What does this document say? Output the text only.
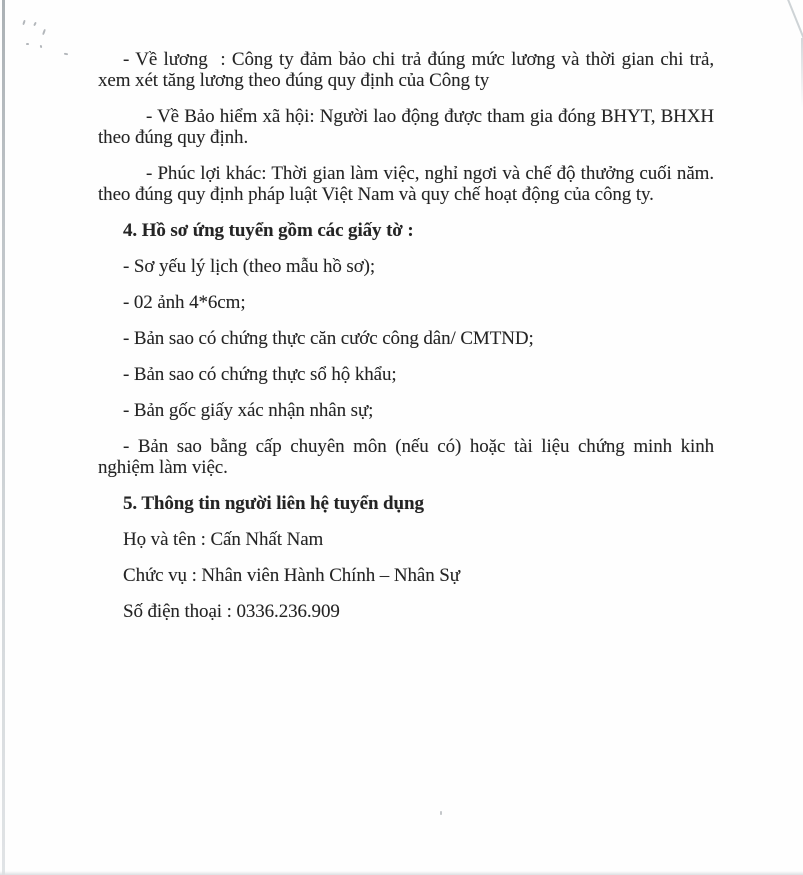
- Về lương  : Công ty đảm bảo chi trả đúng mức lương và thời gian chi trả, xem xét tăng lương theo đúng quy định của Công ty

- Về Bảo hiểm xã hội: Người lao động được tham gia đóng BHYT, BHXH theo đúng quy định.

- Phúc lợi khác: Thời gian làm việc, nghỉ ngơi và chế độ thưởng cuối năm. theo đúng quy định pháp luật Việt Nam và quy chế hoạt động của công ty.

4. Hồ sơ ứng tuyển gồm các giấy tờ :

- Sơ yếu lý lịch (theo mẫu hồ sơ);

- 02 ảnh 4*6cm;

- Bản sao có chứng thực căn cước công dân/ CMTND;

- Bản sao có chứng thực sổ hộ khẩu;

- Bản gốc giấy xác nhận nhân sự;

- Bản sao bằng cấp chuyên môn (nếu có) hoặc tài liệu chứng minh kinh nghiệm làm việc.

5. Thông tin người liên hệ tuyển dụng

Họ và tên : Cấn Nhất Nam

Chức vụ : Nhân viên Hành Chính – Nhân Sự

Số điện thoại : 0336.236.909
